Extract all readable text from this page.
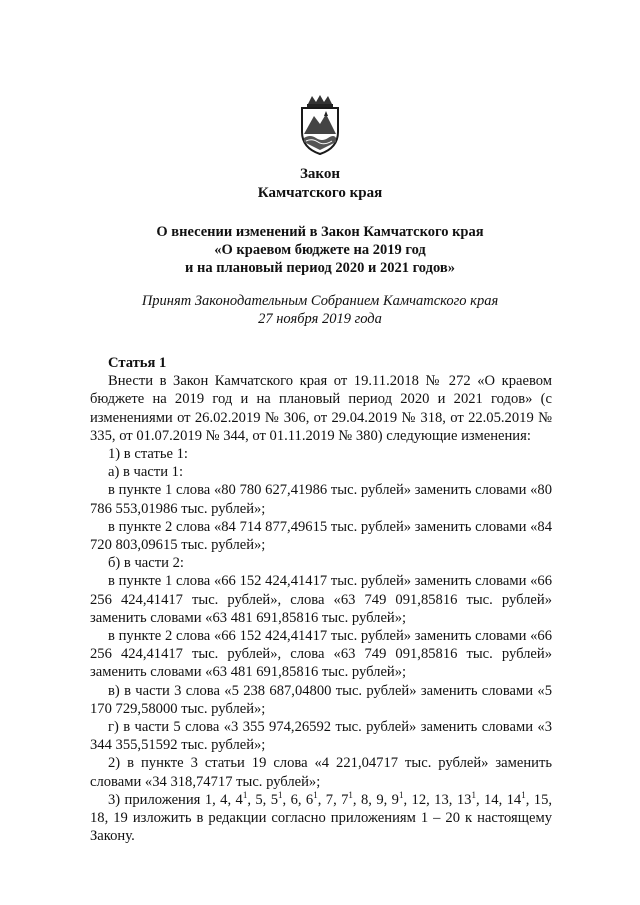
Закон
Камчатского края
О внесении изменений в Закон Камчатского края
«О краевом бюджете на 2019 год
и на плановый период 2020 и 2021 годов»
Принят Законодательным Собранием Камчатского края
27 ноября 2019 года

Статья 1

Внести в Закон Камчатского края от 19.11.2018 № 272 «О краевом бюджете на 2019 год и на плановый период 2020 и 2021 годов» (с изменениями от 26.02.2019 № 306, от 29.04.2019 № 318, от 22.05.2019 № 335, от 01.07.2019 № 344, от 01.11.2019 № 380) следующие изменения:

1) в статье 1:

а) в части 1:

в пункте 1 слова «80 780 627,41986 тыс. рублей» заменить словами «80 786 553,01986 тыс. рублей»;

в пункте 2 слова «84 714 877,49615 тыс. рублей» заменить словами «84 720 803,09615 тыс. рублей»;

б) в части 2:

в пункте 1 слова «66 152 424,41417 тыс. рублей» заменить словами «66 256 424,41417 тыс. рублей», слова «63 749 091,85816 тыс. рублей» заменить словами «63 481 691,85816 тыс. рублей»;

в пункте 2 слова «66 152 424,41417 тыс. рублей» заменить словами «66 256 424,41417 тыс. рублей», слова «63 749 091,85816 тыс. рублей» заменить словами «63 481 691,85816 тыс. рублей»;

в) в части 3 слова «5 238 687,04800 тыс. рублей» заменить словами «5 170 729,58000 тыс. рублей»;

г) в части 5 слова «3 355 974,26592 тыс. рублей» заменить словами «3 344 355,51592 тыс. рублей»;

2) в пункте 3 статьи 19 слова «4 221,04717 тыс. рублей» заменить словами «34 318,74717 тыс. рублей»;

3) приложения 1, 4, $4^1$, 5, $5^1$, 6, $6^1$, 7, $7^1$, 8, 9, $9^1$, 12, 13, $13^1$, 14, $14^1$, 15, 18, 19 изложить в редакции согласно приложениям 1 – 20 к настоящему Закону.
